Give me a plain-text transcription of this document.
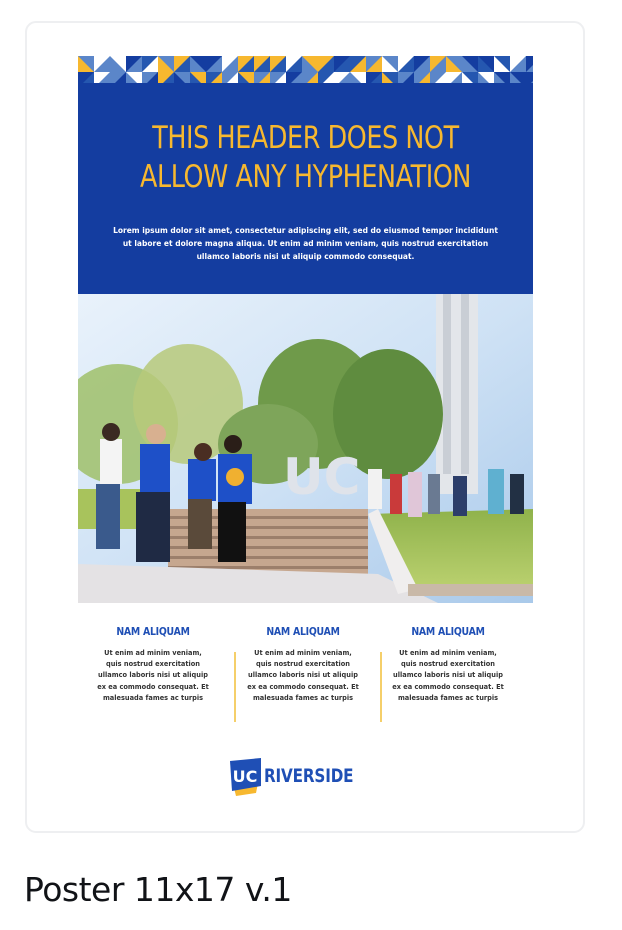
THIS HEADER DOES NOT
ALLOW ANY HYPHENATION
Lorem ipsum dolor sit amet, consectetur adipiscing elit, sed do eiusmod tempor incididunt ut labore et dolore magna aliqua. Ut enim ad minim veniam, quis nostrud exercitation ullamco laboris nisi ut aliquip commodo consequat.
UC
NAM ALIQUAM
Ut enim ad minim veniam, quis nostrud exercitation ullamco laboris nisi ut aliquip ex ea commodo consequat. Et malesuada fames ac turpis
NAM ALIQUAM
Ut enim ad minim veniam, quis nostrud exercitation ullamco laboris nisi ut aliquip ex ea commodo consequat. Et malesuada fames ac turpis
NAM ALIQUAM
Ut enim ad minim veniam, quis nostrud exercitation ullamco laboris nisi ut aliquip ex ea commodo consequat. Et malesuada fames ac turpis
UC RIVERSIDE
Poster 11x17 v.1
